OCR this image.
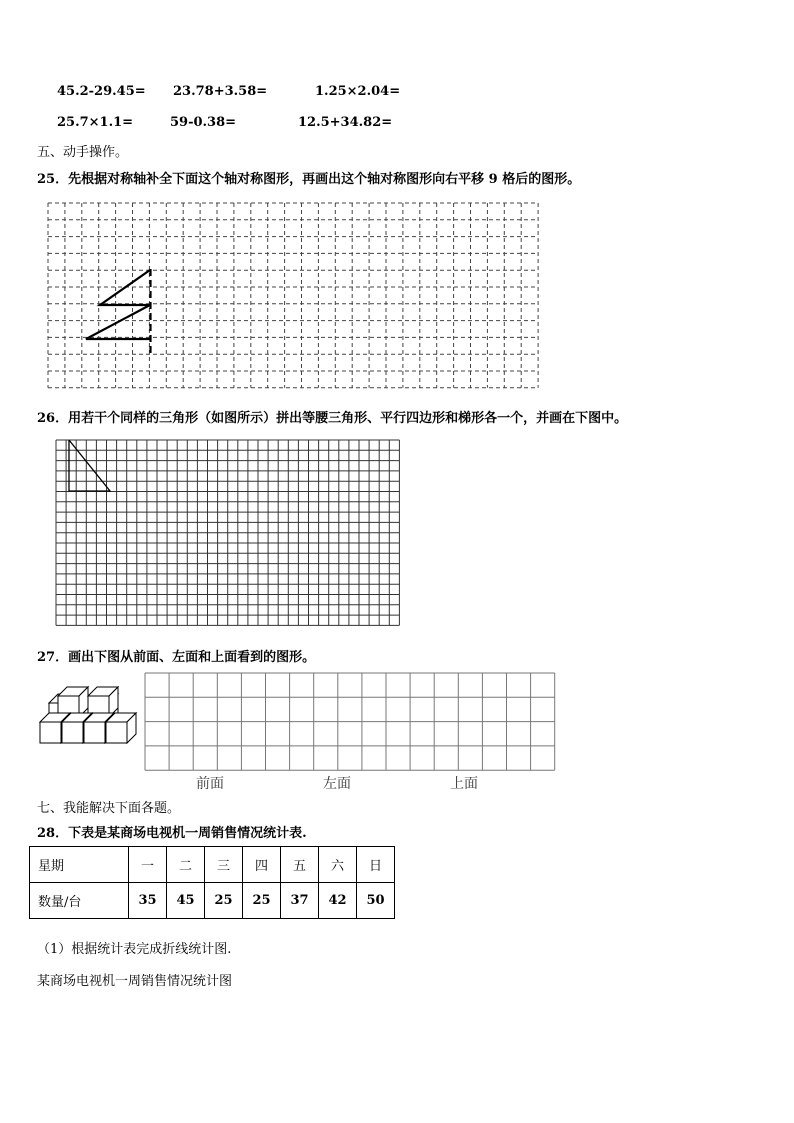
45.2-29.45= 23.78+3.58=	1.25×2.04=
25.7×1.1=	59-0.38=	12.5+34.82=
五、动手操作。
25．先根据对称轴补全下面这个轴对称图形，再画出这个轴对称图形向右平移 9 格后的图形。
26．用若干个同样的三角形（如图所示）拼出等腰三角形、平行四边形和梯形各一个，并画在下图中。
27．画出下图从前面、左面和上面看到的图形。
前面	左面	上面
七、我能解决下面各题。
28．下表是某商场电视机一周销售情况统计表.
星期	一	二	三	四	五	六	日
数量/台	35	45	25	25	37	42	50
（1）根据统计表完成折线统计图.
某商场电视机一周销售情况统计图
